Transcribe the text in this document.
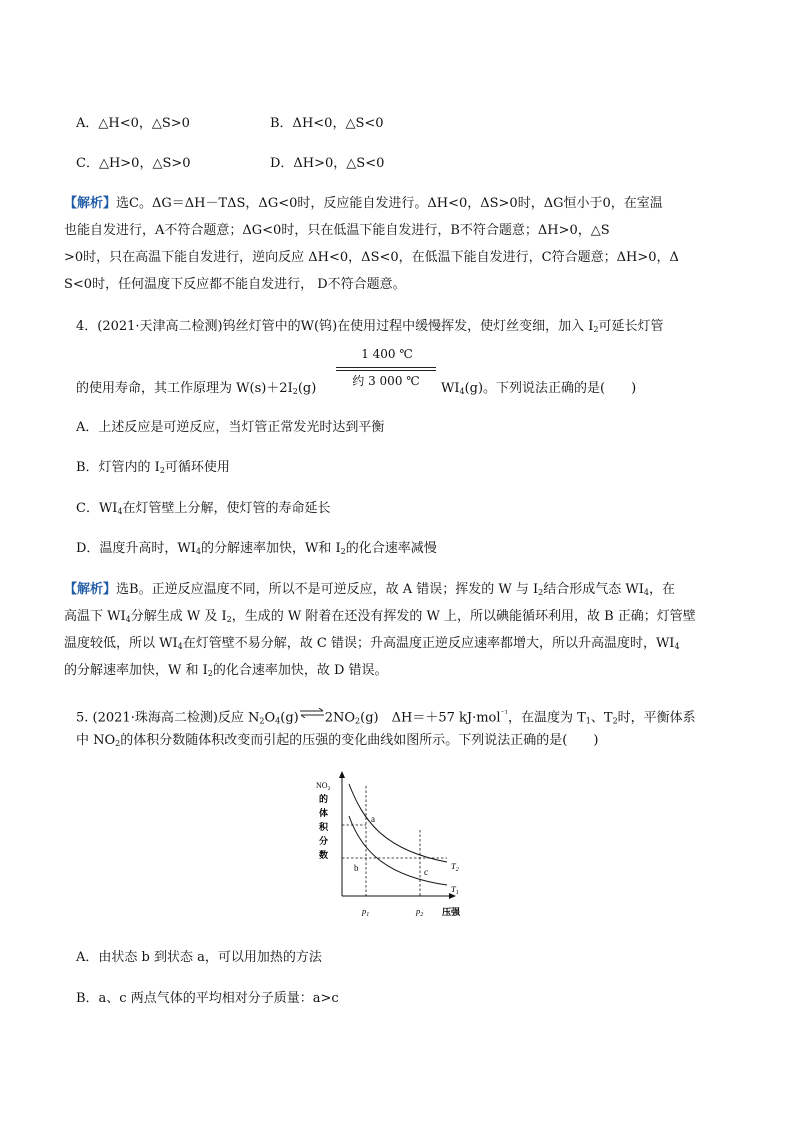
A．△H<0，△S>0	B．ΔH<0，△S<0
C．△H>0，△S>0	D．ΔH>0，△S<0
【解析】选C。ΔG＝ΔH－TΔS，ΔG<0时，反应能自发进行。ΔH<0，ΔS>0时，ΔG恒小于0，在室温
也能自发进行，A不符合题意；ΔG<0时，只在低温下能自发进行，B不符合题意；ΔH>0，△S
>0时，只在高温下能自发进行，逆向反应 ΔH<0，ΔS<0，在低温下能自发进行，C符合题意；ΔH>0，Δ
S<0时，任何温度下反应都不能自发进行， D不符合题意。
4．(2021·天津高二检测)钨丝灯管中的W(钨)在使用过程中缓慢挥发，使灯丝变细，加入 $I_2$可延长灯管
1 400 ℃
约 3 000 ℃
的使用寿命，其工作原理为 $W(s)+2I_2(g)$	$WI_4(g)$。下列说法正确的是(　　)
A．上述反应是可逆反应，当灯管正常发光时达到平衡
B．灯管内的 $I_2$可循环使用
C．$WI_4$在灯管壁上分解，使灯管的寿命延长
D．温度升高时，$WI_4$的分解速率加快，W和 $I_2$的化合速率减慢
【解析】选B。正逆反应温度不同，所以不是可逆反应，故 A 错误；挥发的 W 与 $I_2$结合形成气态 $WI_4$，在
高温下 $WI_4$分解生成 W 及 $I_2$，生成的 W 附着在还没有挥发的 W 上，所以碘能循环利用，故 B 正确；灯管壁
温度较低，所以 $WI_4$在灯管壁不易分解，故 C 错误；升高温度正逆反应速率都增大，所以升高温度时，$WI_4$
的分解速率加快，W 和 $I_2$的化合速率加快，故 D 错误。
5. (2021·珠海高二检测)反应 $N_2O_4(g)\rightleftharpoons 2NO_2(g)$　ΔH＝＋57 kJ·mol$^{^{-1}}$，在温度为 $T_1$、$T_2$时，平衡体系
中 $NO_2$的体积分数随体积改变而引起的压强的变化曲线如图所示。下列说法正确的是(　　)
$NO_2$
的
体
积
分
数
a
b	c
$T_2$
$T_1$
$p_1$	$p_2$ 压强
A．由状态 b 到状态 a，可以用加热的方法
B．a、c 两点气体的平均相对分子质量：a>c
